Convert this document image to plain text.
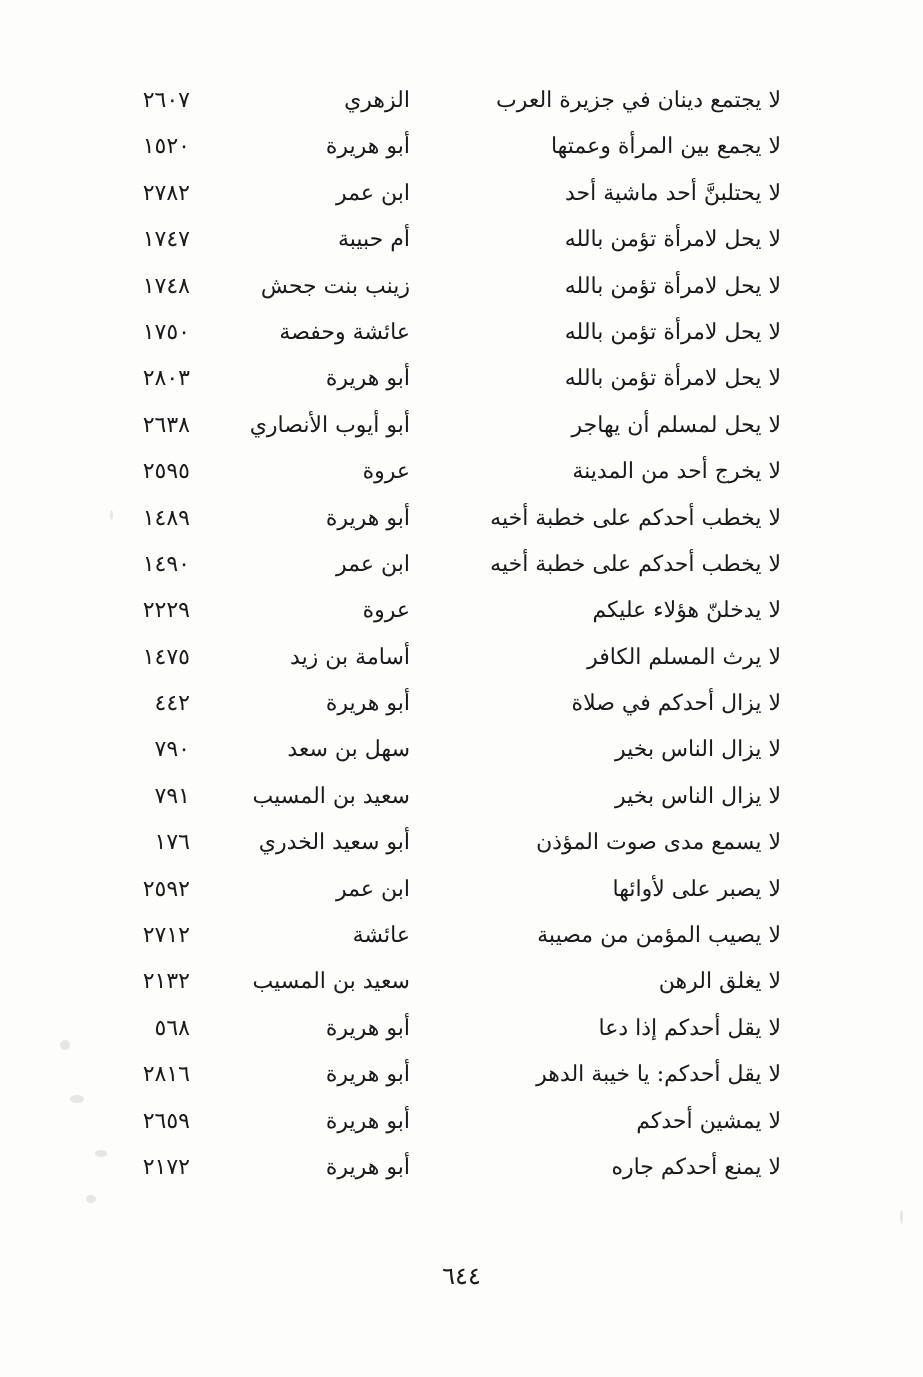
لا يجتمع دينان في جزيرة العرب
الزهري
٢٦٠٧
لا يجمع بين المرأة وعمتها
أبو هريرة
١٥٢٠
لا يحتلبنَّ أحد ماشية أحد
ابن عمر
٢٧٨٢
لا يحل لامرأة تؤمن بالله
أم حبيبة
١٧٤٧
لا يحل لامرأة تؤمن بالله
زينب بنت جحش
١٧٤٨
لا يحل لامرأة تؤمن بالله
عائشة وحفصة
١٧٥٠
لا يحل لامرأة تؤمن بالله
أبو هريرة
٢٨٠٣
لا يحل لمسلم أن يهاجر
أبو أيوب الأنصاري
٢٦٣٨
لا يخرج أحد من المدينة
عروة
٢٥٩٥
لا يخطب أحدكم على خطبة أخيه
أبو هريرة
١٤٨٩
لا يخطب أحدكم على خطبة أخيه
ابن عمر
١٤٩٠
لا يدخلنّ هؤلاء عليكم
عروة
٢٢٢٩
لا يرث المسلم الكافر
أسامة بن زيد
١٤٧٥
لا يزال أحدكم في صلاة
أبو هريرة
٤٤٢
لا يزال الناس بخير
سهل بن سعد
٧٩٠
لا يزال الناس بخير
سعيد بن المسيب
٧٩١
لا يسمع مدى صوت المؤذن
أبو سعيد الخدري
١٧٦
لا يصبر على لأوائها
ابن عمر
٢٥٩٢
لا يصيب المؤمن من مصيبة
عائشة
٢٧١٢
لا يغلق الرهن
سعيد بن المسيب
٢١٣٢
لا يقل أحدكم إذا دعا
أبو هريرة
٥٦٨
لا يقل أحدكم: يا خيبة الدهر
أبو هريرة
٢٨١٦
لا يمشين أحدكم
أبو هريرة
٢٦٥٩
لا يمنع أحدكم جاره
أبو هريرة
٢١٧٢
٦٤٤
